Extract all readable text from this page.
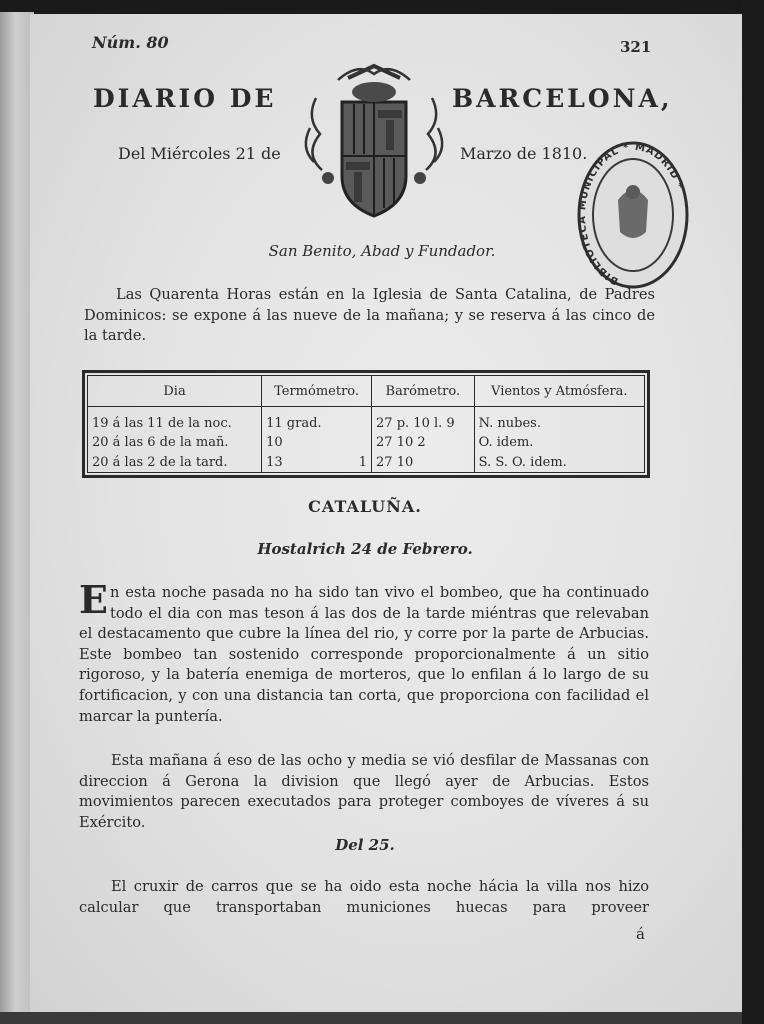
Núm. 80	321
DIARIO DE	BARCELONA,
Del Miércoles 21 de	Marzo de 1810.
BIBLIOTECA MUNICIPAL * MADRID *
San Benito, Abad y Fundador.

Las Quarenta Horas están en la Iglesia de Santa Catalina, de Padres Dominicos: se expone á las nueve de la mañana; y se reserva á las cinco de la tarde.

Dia	Termómetro.		Barómetro.	Vientos y Atmósfera.
19 á las 11 de la noc.	11 grad.		27 p. 10 l. 9	N. nubes.
20 á las 6 de la mañ.	10		27 10 2	O. idem.
20 á las 2 de la tard.	13	1	27 10	S. S. O. idem.
CATALUÑA.
Hostalrich 24 de Febrero.

En esta noche pasada no ha sido tan vivo el bombeo, que ha continuado todo el dia con mas teson á las dos de la tarde miéntras que relevaban el destacamento que cubre la línea del rio, y corre por la parte de Arbucias. Este bombeo tan sostenido corresponde proporcionalmente á un sitio rigoroso, y la batería enemiga de morteros, que lo enfilan á lo largo de su fortificacion, y con una distancia tan corta, que proporciona con facilidad el marcar la puntería.

Esta mañana á eso de las ocho y media se vió desfilar de Massanas con direccion á Gerona la division que llegó ayer de Arbucias. Estos movimientos parecen executados para proteger comboyes de víveres á su Exército.

Del 25.

El cruxir de carros que se ha oido esta noche hácia la villa nos hizo calcular que transportaban municiones huecas para proveer

á
